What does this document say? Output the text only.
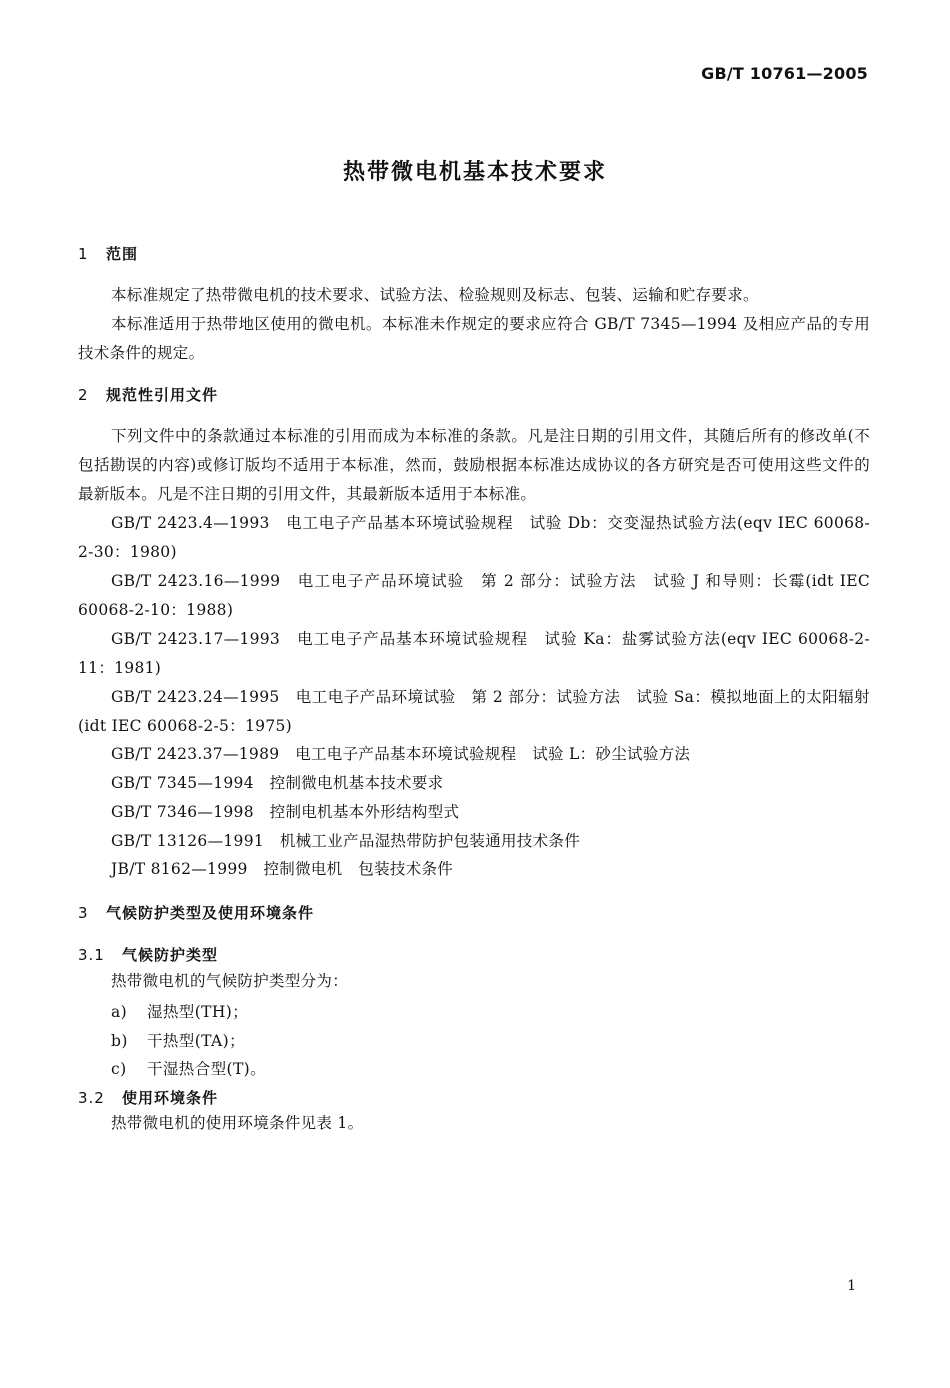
GB/T 10761—2005
热带微电机基本技术要求
1 范围
本标准规定了热带微电机的技术要求、试验方法、检验规则及标志、包装、运输和贮存要求。
本标准适用于热带地区使用的微电机。本标准未作规定的要求应符合 GB/T 7345—1994 及相应产品的专用技术条件的规定。
2 规范性引用文件
下列文件中的条款通过本标准的引用而成为本标准的条款。凡是注日期的引用文件，其随后所有的修改单(不包括勘误的内容)或修订版均不适用于本标准，然而，鼓励根据本标准达成协议的各方研究是否可使用这些文件的最新版本。凡是不注日期的引用文件，其最新版本适用于本标准。
GB/T 2423.4—1993　电工电子产品基本环境试验规程　试验 Db：交变湿热试验方法(eqv IEC 60068-2-30：1980)
GB/T 2423.16—1999　电工电子产品环境试验　第 2 部分：试验方法　试验 J 和导则：长霉(idt IEC 60068-2-10：1988)
GB/T 2423.17—1993　电工电子产品基本环境试验规程　试验 Ka：盐雾试验方法(eqv IEC 60068-2-11：1981)
GB/T 2423.24—1995　电工电子产品环境试验　第 2 部分：试验方法　试验 Sa：模拟地面上的太阳辐射(idt IEC 60068-2-5：1975)
GB/T 2423.37—1989　电工电子产品基本环境试验规程　试验 L：砂尘试验方法
GB/T 7345—1994　控制微电机基本技术要求
GB/T 7346—1998　控制电机基本外形结构型式
GB/T 13126—1991　机械工业产品湿热带防护包装通用技术条件
JB/T 8162—1999　控制微电机　包装技术条件
3 气候防护类型及使用环境条件
3.1 气候防护类型
热带微电机的气候防护类型分为：
a) 湿热型(TH)；
b) 干热型(TA)；
c) 干湿热合型(T)。
3.2 使用环境条件
热带微电机的使用环境条件见表 1。
1
